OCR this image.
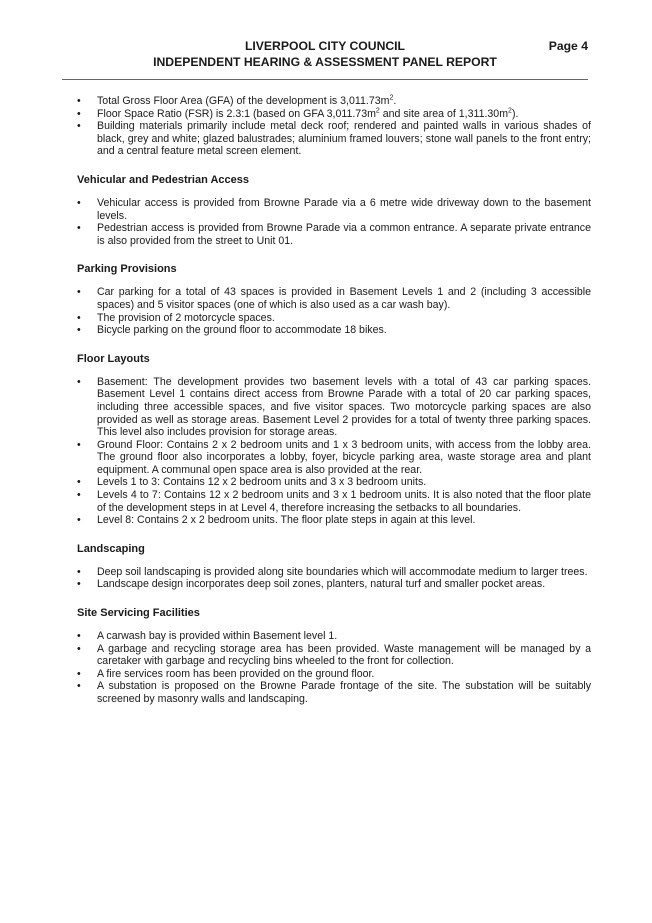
LIVERPOOL CITY COUNCIL
INDEPENDENT HEARING & ASSESSMENT PANEL REPORT
Page 4
• Total Gross Floor Area (GFA) of the development is $3,011.73m^2$.
• Floor Space Ratio (FSR) is 2.3:1 (based on GFA $3,011.73m^2$ and site area of $1,311.30m^2$).
• Building materials primarily include metal deck roof; rendered and painted walls in various shades of black, grey and white; glazed balustrades; aluminium framed louvers; stone wall panels to the front entry; and a central feature metal screen element.
Vehicular and Pedestrian Access
• Vehicular access is provided from Browne Parade via a 6 metre wide driveway down to the basement levels.
• Pedestrian access is provided from Browne Parade via a common entrance. A separate private entrance is also provided from the street to Unit 01.
Parking Provisions
• Car parking for a total of 43 spaces is provided in Basement Levels 1 and 2 (including 3 accessible spaces) and 5 visitor spaces (one of which is also used as a car wash bay).
• The provision of 2 motorcycle spaces.
• Bicycle parking on the ground floor to accommodate 18 bikes.
Floor Layouts
• Basement: The development provides two basement levels with a total of 43 car parking spaces. Basement Level 1 contains direct access from Browne Parade with a total of 20 car parking spaces, including three accessible spaces, and five visitor spaces. Two motorcycle parking spaces are also provided as well as storage areas. Basement Level 2 provides for a total of twenty three parking spaces. This level also includes provision for storage areas.
• Ground Floor: Contains 2 x 2 bedroom units and 1 x 3 bedroom units, with access from the lobby area. The ground floor also incorporates a lobby, foyer, bicycle parking area, waste storage area and plant equipment. A communal open space area is also provided at the rear.
• Levels 1 to 3: Contains 12 x 2 bedroom units and 3 x 3 bedroom units.
• Levels 4 to 7: Contains 12 x 2 bedroom units and 3 x 1 bedroom units. It is also noted that the floor plate of the development steps in at Level 4, therefore increasing the setbacks to all boundaries.
• Level 8: Contains 2 x 2 bedroom units. The floor plate steps in again at this level.
Landscaping
• Deep soil landscaping is provided along site boundaries which will accommodate medium to larger trees.
• Landscape design incorporates deep soil zones, planters, natural turf and smaller pocket areas.
Site Servicing Facilities
• A carwash bay is provided within Basement level 1.
• A garbage and recycling storage area has been provided. Waste management will be managed by a caretaker with garbage and recycling bins wheeled to the front for collection.
• A fire services room has been provided on the ground floor.
• A substation is proposed on the Browne Parade frontage of the site. The substation will be suitably screened by masonry walls and landscaping.
